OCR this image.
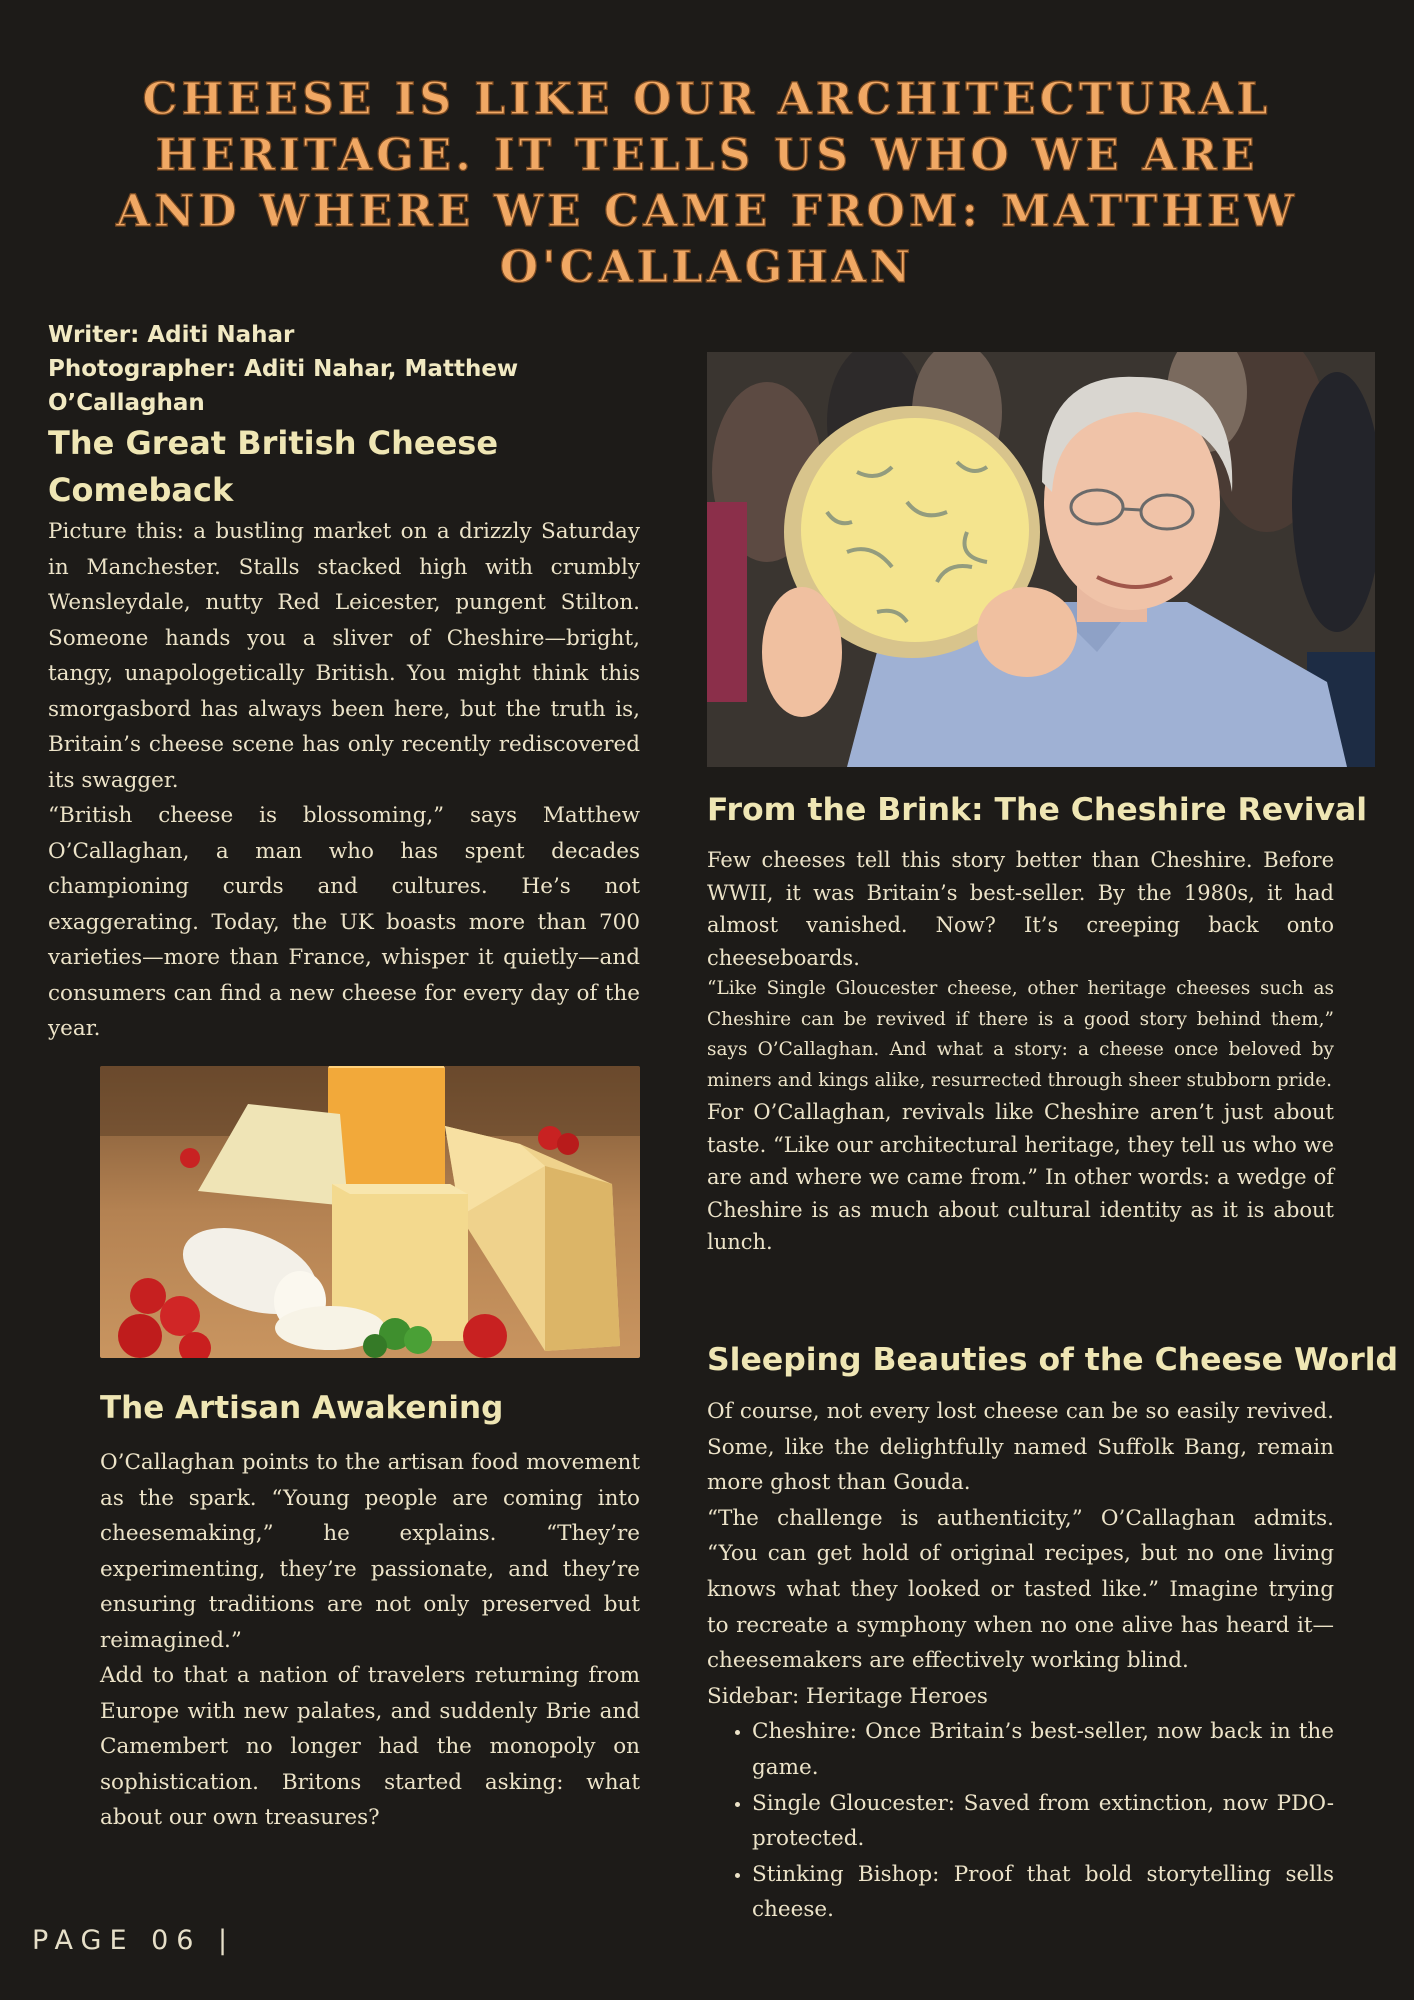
CHEESE IS LIKE OUR ARCHITECTURAL HERITAGE. IT TELLS US WHO WE ARE AND WHERE WE CAME FROM: MATTHEW O'CALLAGHAN
Writer: Aditi Nahar
Photographer: Aditi Nahar, Matthew O’Callaghan
The Great British Cheese Comeback

Picture this: a bustling market on a drizzly Saturday in Manchester. Stalls stacked high with crumbly Wensleydale, nutty Red Leicester, pungent Stilton. Someone hands you a sliver of Cheshire—bright, tangy, unapologetically British. You might think this smorgasbord has always been here, but the truth is, Britain’s cheese scene has only recently rediscovered its swagger.

“British cheese is blossoming,” says Matthew O’Callaghan, a man who has spent decades championing curds and cultures. He’s not exaggerating. Today, the UK boasts more than 700 varieties—more than France, whisper it quietly—and consumers can find a new cheese for every day of the year.

The Artisan Awakening

O’Callaghan points to the artisan food movement as the spark. “Young people are coming into cheesemaking,” he explains. “They’re experimenting, they’re passionate, and they’re ensuring traditions are not only preserved but reimagined.”

Add to that a nation of travelers returning from Europe with new palates, and suddenly Brie and Camembert no longer had the monopoly on sophistication. Britons started asking: what about our own treasures?

From the Brink: The Cheshire Revival

Few cheeses tell this story better than Cheshire. Before WWII, it was Britain’s best-seller. By the 1980s, it had almost vanished. Now? It’s creeping back onto cheeseboards.

“Like Single Gloucester cheese, other heritage cheeses such as Cheshire can be revived if there is a good story behind them,” says O’Callaghan. And what a story: a cheese once beloved by miners and kings alike, resurrected through sheer stubborn pride.

For O’Callaghan, revivals like Cheshire aren’t just about taste. “Like our architectural heritage, they tell us who we are and where we came from.” In other words: a wedge of Cheshire is as much about cultural identity as it is about lunch.

Sleeping Beauties of the Cheese World

Of course, not every lost cheese can be so easily revived. Some, like the delightfully named Suffolk Bang, remain more ghost than Gouda.

“The challenge is authenticity,” O’Callaghan admits. “You can get hold of original recipes, but no one living knows what they looked or tasted like.” Imagine trying to recreate a symphony when no one alive has heard it—cheesemakers are effectively working blind.

Sidebar: Heritage Heroes

• Cheshire: Once Britain’s best-seller, now back in the game.
• Single Gloucester: Saved from extinction, now PDO-protected.
• Stinking Bishop: Proof that bold storytelling sells cheese.
PAGE 06 |
